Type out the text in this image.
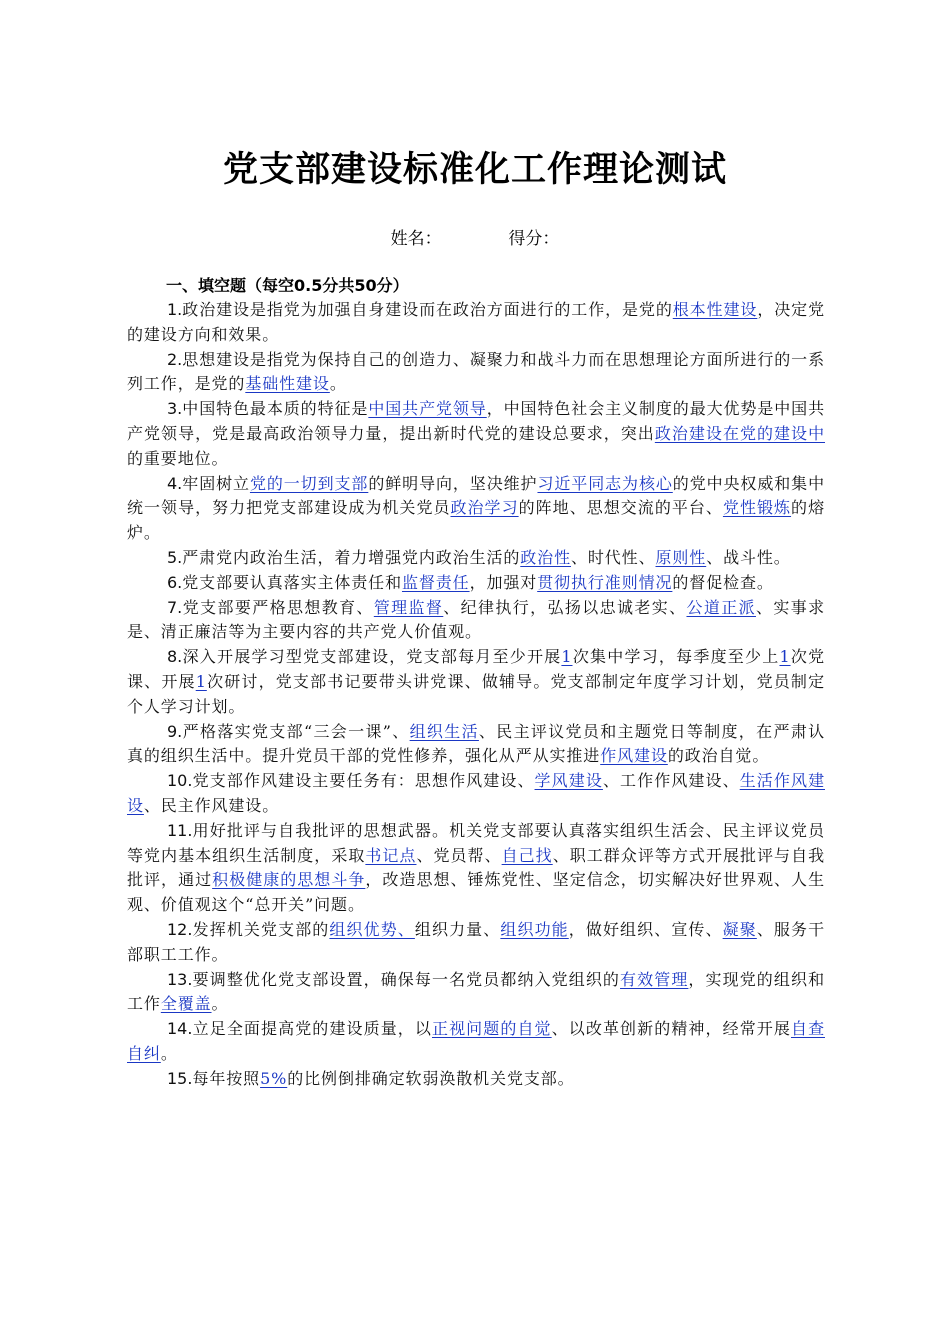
党支部建设标准化工作理论测试
姓名：	得分：
一、填空题（每空0.5分共50分）

1.政治建设是指党为加强自身建设而在政治方面进行的工作，是党的根本性建设，决定党的建设方向和效果。

2.思想建设是指党为保持自己的创造力、凝聚力和战斗力而在思想理论方面所进行的一系列工作，是党的基础性建设。

3.中国特色最本质的特征是中国共产党领导，中国特色社会主义制度的最大优势是中国共产党领导，党是最高政治领导力量，提出新时代党的建设总要求，突出政治建设在党的建设中的重要地位。

4.牢固树立党的一切到支部的鲜明导向，坚决维护习近平同志为核心的党中央权威和集中统一领导，努力把党支部建设成为机关党员政治学习的阵地、思想交流的平台、党性锻炼的熔炉。

5.严肃党内政治生活，着力增强党内政治生活的政治性、时代性、原则性、战斗性。

6.党支部要认真落实主体责任和监督责任，加强对贯彻执行准则情况的督促检查。

7.党支部要严格思想教育、管理监督、纪律执行，弘扬以忠诚老实、公道正派、实事求是、清正廉洁等为主要内容的共产党人价值观。

8.深入开展学习型党支部建设，党支部每月至少开展1次集中学习，每季度至少上1次党课、开展1次研讨，党支部书记要带头讲党课、做辅导。党支部制定年度学习计划，党员制定个人学习计划。

9.严格落实党支部“三会一课”、组织生活、民主评议党员和主题党日等制度，在严肃认真的组织生活中。提升党员干部的党性修养，强化从严从实推进作风建设的政治自觉。

10.党支部作风建设主要任务有：思想作风建设、学风建设、工作作风建设、生活作风建设、民主作风建设。

11.用好批评与自我批评的思想武器。机关党支部要认真落实组织生活会、民主评议党员等党内基本组织生活制度，采取书记点、党员帮、自己找、职工群众评等方式开展批评与自我批评，通过积极健康的思想斗争，改造思想、锤炼党性、坚定信念，切实解决好世界观、人生观、价值观这个“总开关”问题。

12.发挥机关党支部的组织优势、组织力量、组织功能，做好组织、宣传、凝聚、服务干部职工工作。

13.要调整优化党支部设置，确保每一名党员都纳入党组织的有效管理，实现党的组织和工作全覆盖。

14.立足全面提高党的建设质量，以正视问题的自觉、以改革创新的精神，经常开展自查自纠。

15.每年按照5%的比例倒排确定软弱涣散机关党支部。
